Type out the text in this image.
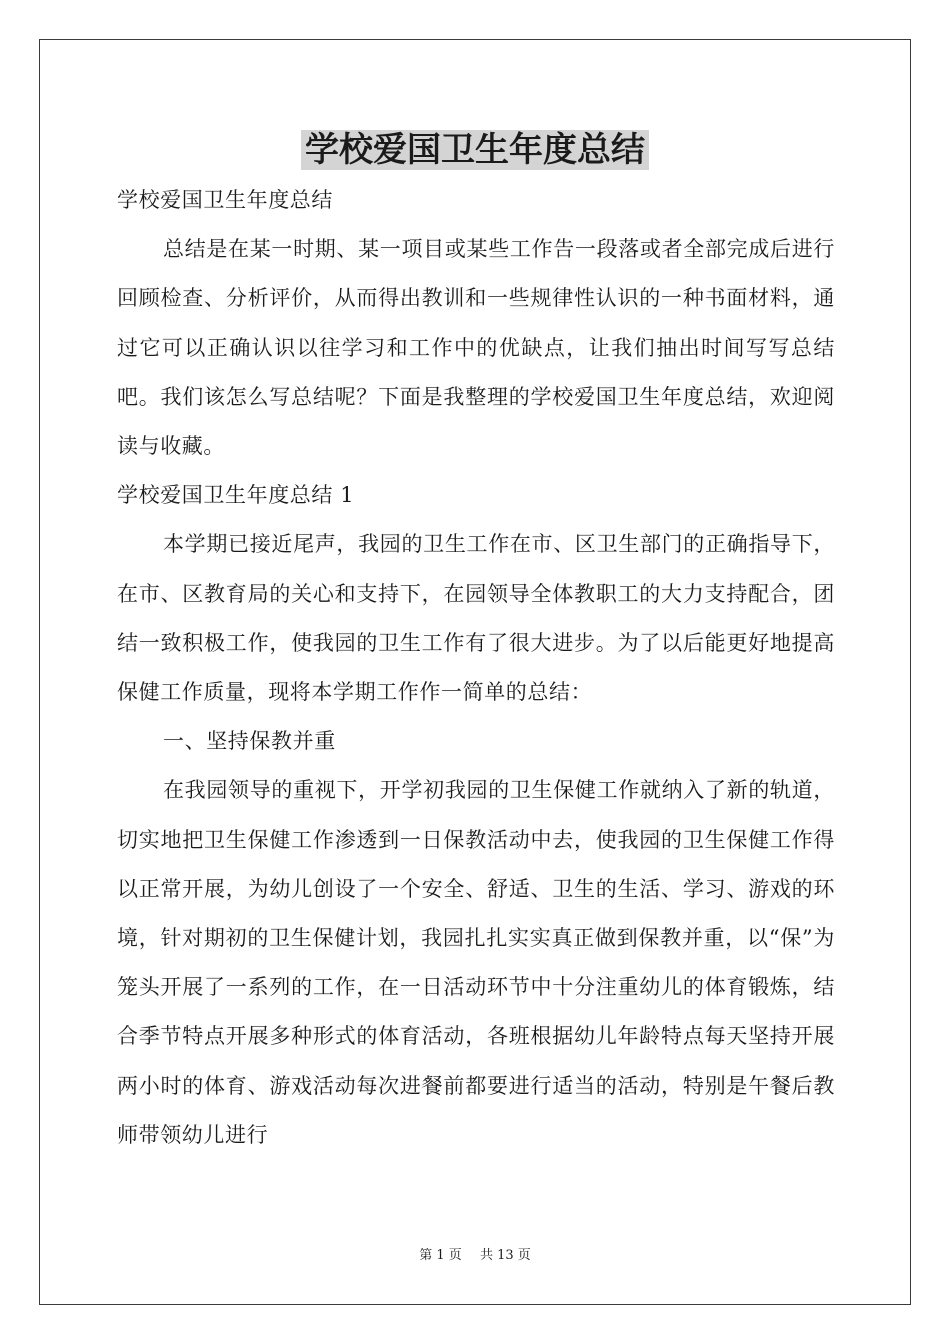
学校爱国卫生年度总结

学校爱国卫生年度总结

总结是在某一时期、某一项目或某些工作告一段落或者全部完成后进行回顾检查、分析评价，从而得出教训和一些规律性认识的一种书面材料，通过它可以正确认识以往学习和工作中的优缺点，让我们抽出时间写写总结吧。我们该怎么写总结呢？下面是我整理的学校爱国卫生年度总结，欢迎阅读与收藏。

学校爱国卫生年度总结 1

本学期已接近尾声，我园的卫生工作在市、区卫生部门的正确指导下，在市、区教育局的关心和支持下，在园领导全体教职工的大力支持配合，团结一致积极工作，使我园的卫生工作有了很大进步。为了以后能更好地提高保健工作质量，现将本学期工作作一简单的总结：

一、坚持保教并重

在我园领导的重视下，开学初我园的卫生保健工作就纳入了新的轨道，切实地把卫生保健工作渗透到一日保教活动中去，使我园的卫生保健工作得以正常开展，为幼儿创设了一个安全、舒适、卫生的生活、学习、游戏的环境，针对期初的卫生保健计划，我园扎扎实实真正做到保教并重，以“保”为笼头开展了一系列的工作，在一日活动环节中十分注重幼儿的体育锻炼，结合季节特点开展多种形式的体育活动，各班根据幼儿年龄特点每天坚持开展两小时的体育、游戏活动每次进餐前都要进行适当的活动，特别是午餐后教师带领幼儿进行

第 1 页 共 13 页
